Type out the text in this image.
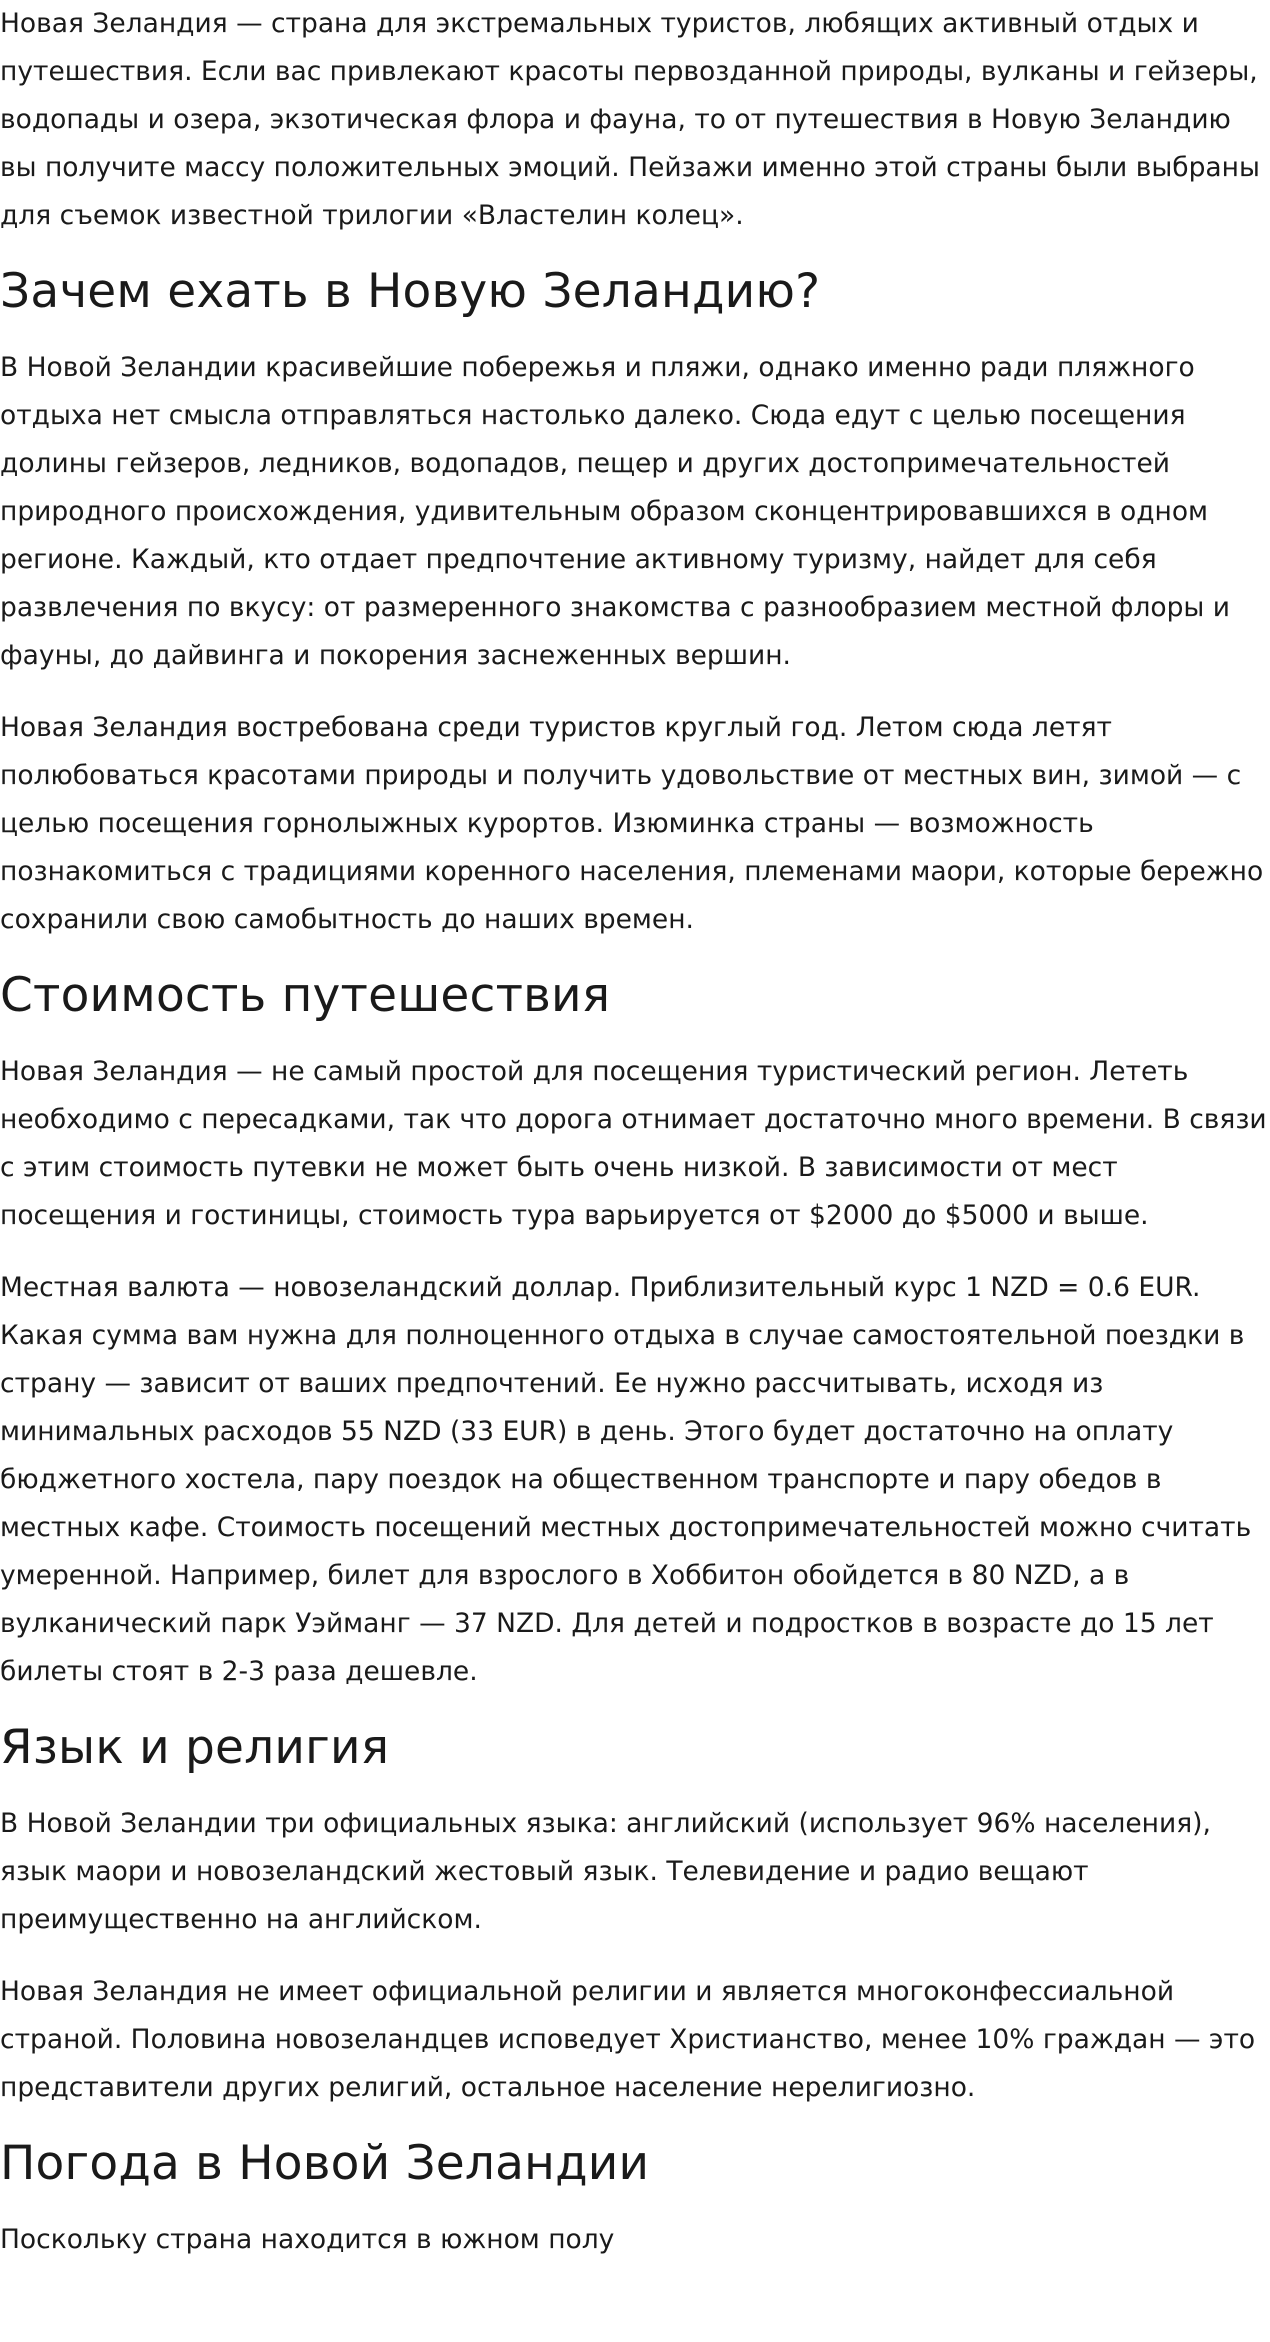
Новая Зеландия — страна для экстремальных туристов, любящих активный отдых и путешествия. Если вас привлекают красоты первозданной природы, вулканы и гейзеры, водопады и озера, экзотическая флора и фауна, то от путешествия в Новую Зеландию вы получите массу положительных эмоций. Пейзажи именно этой страны были выбраны для съемок известной трилогии «Властелин колец».

Зачем ехать в Новую Зеландию?

В Новой Зеландии красивейшие побережья и пляжи, однако именно ради пляжного отдыха нет смысла отправляться настолько далеко. Сюда едут с целью посещения долины гейзеров, ледников, водопадов, пещер и других достопримечательностей природного происхождения, удивительным образом сконцентрировавшихся в одном регионе. Каждый, кто отдает предпочтение активному туризму, найдет для себя развлечения по вкусу: от размеренного знакомства с разнообразием местной флоры и фауны, до дайвинга и покорения заснеженных вершин.

Новая Зеландия востребована среди туристов круглый год. Летом сюда летят полюбоваться красотами природы и получить удовольствие от местных вин, зимой — с целью посещения горнолыжных курортов. Изюминка страны — возможность познакомиться с традициями коренного населения, племенами маори, которые бережно сохранили свою самобытность до наших времен.

Стоимость путешествия

Новая Зеландия — не самый простой для посещения туристический регион. Лететь необходимо с пересадками, так что дорога отнимает достаточно много времени. В связи с этим стоимость путевки не может быть очень низкой. В зависимости от мест посещения и гостиницы, стоимость тура варьируется от $2000 до $5000 и выше.

Местная валюта — новозеландский доллар. Приблизительный курс 1 NZD = 0.6 EUR. Какая сумма вам нужна для полноценного отдыха в случае самостоятельной поездки в страну — зависит от ваших предпочтений. Ее нужно рассчитывать, исходя из минимальных расходов 55 NZD (33 EUR) в день. Этого будет достаточно на оплату бюджетного хостела, пару поездок на общественном транспорте и пару обедов в местных кафе. Стоимость посещений местных достопримечательностей можно считать умеренной. Например, билет для взрослого в Хоббитон обойдется в 80 NZD, а в вулканический парк Уэйманг — 37 NZD. Для детей и подростков в возрасте до 15 лет билеты стоят в 2-3 раза дешевле.

Язык и религия

В Новой Зеландии три официальных языка: английский (использует 96% населения), язык маори и новозеландский жестовый язык. Телевидение и радио вещают преимущественно на английском.

Новая Зеландия не имеет официальной религии и является многоконфессиальной страной. Половина новозеландцев исповедует Христианство, менее 10% граждан — это представители других религий, остальное население нерелигиозно.

Погода в Новой Зеландии

Поскольку страна находится в южном полу
